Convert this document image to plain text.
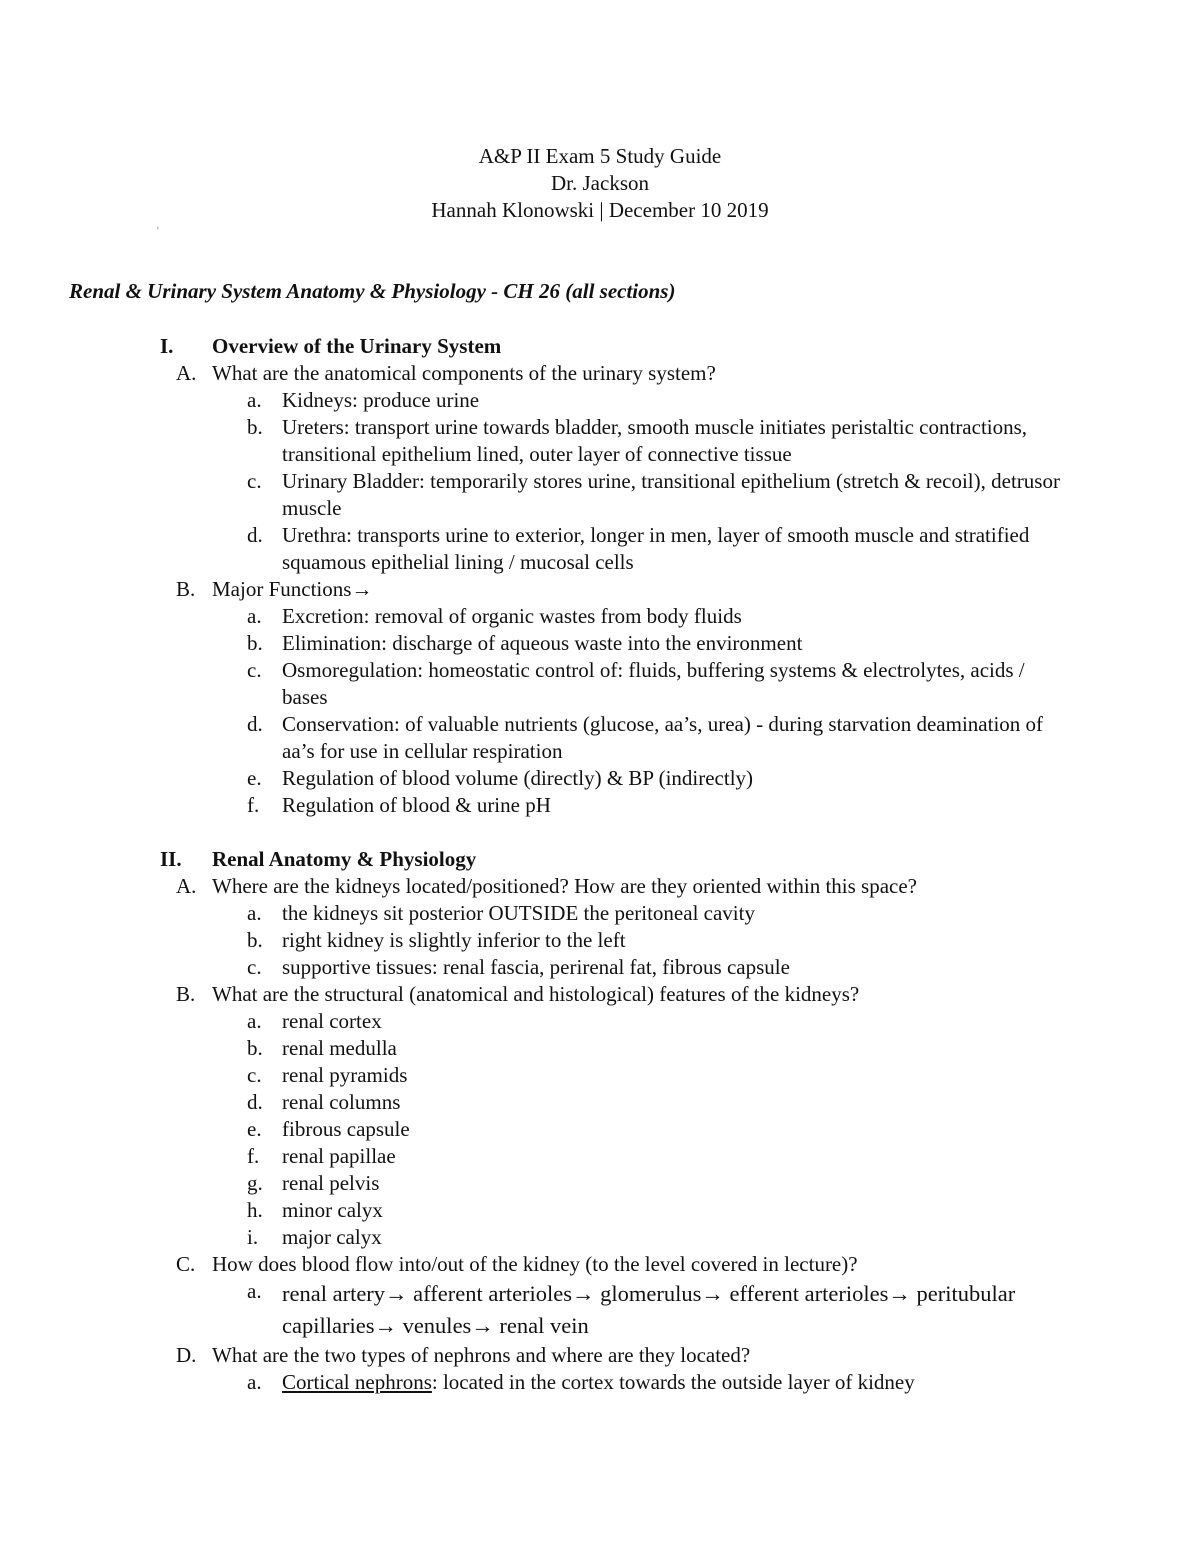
A&P II Exam 5 Study Guide
Dr. Jackson
Hannah Klonowski | December 10 2019
'
Renal & Urinary System Anatomy & Physiology - CH 26 (all sections)
I. Overview of the Urinary System
A. What are the anatomical components of the urinary system?
a. Kidneys: produce urine
b. Ureters: transport urine towards bladder, smooth muscle initiates peristaltic contractions, transitional epithelium lined, outer layer of connective tissue
c. Urinary Bladder: temporarily stores urine, transitional epithelium (stretch & recoil), detrusor muscle
d. Urethra: transports urine to exterior, longer in men, layer of smooth muscle and stratified squamous epithelial lining / mucosal cells
B. Major Functions→
a. Excretion: removal of organic wastes from body fluids
b. Elimination: discharge of aqueous waste into the environment
c. Osmoregulation: homeostatic control of: fluids, buffering systems & electrolytes, acids / bases
d. Conservation: of valuable nutrients (glucose, aa’s, urea) - during starvation deamination of aa’s for use in cellular respiration
e. Regulation of blood volume (directly) & BP (indirectly)
f. Regulation of blood & urine pH
II. Renal Anatomy & Physiology
A. Where are the kidneys located/positioned? How are they oriented within this space?
a. the kidneys sit posterior OUTSIDE the peritoneal cavity
b. right kidney is slightly inferior to the left
c. supportive tissues: renal fascia, perirenal fat, fibrous capsule
B. What are the structural (anatomical and histological) features of the kidneys?
a. renal cortex
b. renal medulla
c. renal pyramids
d. renal columns
e. fibrous capsule
f. renal papillae
g. renal pelvis
h. minor calyx
i. major calyx
C. How does blood flow into/out of the kidney (to the level covered in lecture)?
a. renal artery→ afferent arterioles→ glomerulus→ efferent arterioles→ peritubular capillaries→ venules→ renal vein
D. What are the two types of nephrons and where are they located?
a. Cortical nephrons: located in the cortex towards the outside layer of kidney
